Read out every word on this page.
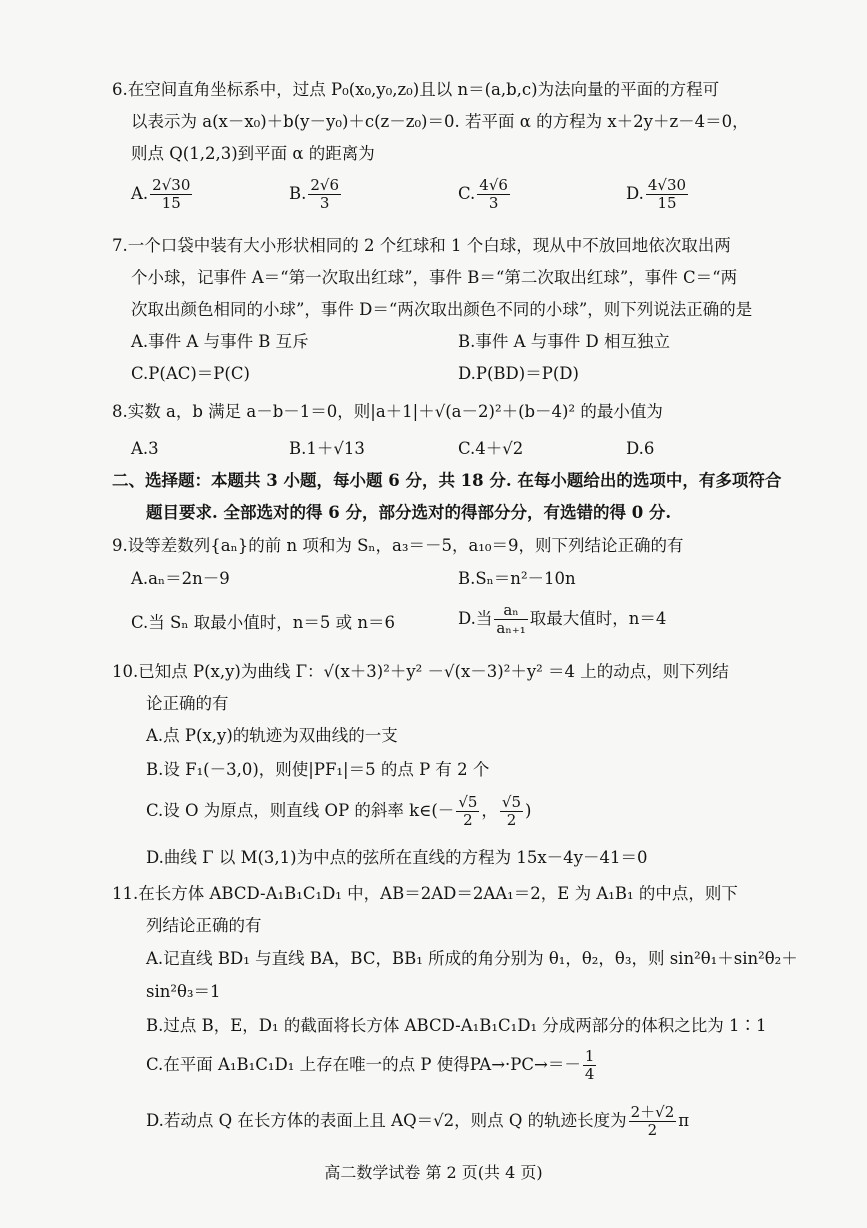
6.在空间直角坐标系中，过点 P₀(x₀,y₀,z₀)且以 n＝(a,b,c)为法向量的平面的方程可
以表示为 a(x－x₀)＋b(y－y₀)＋c(z－z₀)＝0. 若平面 α 的方程为 x＋2y＋z－4＝0，
则点 Q(1,2,3)到平面 α 的距离为
A. $\frac{2√30}{15}$	B. $\frac{2√6}{3}$	C. $\frac{4√6}{3}$	D. $\frac{4√30}{15}$
7.一个口袋中装有大小形状相同的 2 个红球和 1 个白球，现从中不放回地依次取出两
个小球，记事件 A＝“第一次取出红球”，事件 B＝“第二次取出红球”，事件 C＝“两
次取出颜色相同的小球”，事件 D＝“两次取出颜色不同的小球”，则下列说法正确的是
A.事件 A 与事件 B 互斥	B.事件 A 与事件 D 相互独立
C.P(AC)＝P(C)	D.P(BD)＝P(D)
8.实数 a，b 满足 a－b－1＝0，则|a＋1|＋√(a－2)²＋(b－4)² 的最小值为
A.3	B.1＋√13	C.4＋√2	D.6
二、选择题：本题共 3 小题，每小题 6 分，共 18 分. 在每小题给出的选项中，有多项符合
题目要求. 全部选对的得 6 分，部分选对的得部分分，有选错的得 0 分.
9.设等差数列{aₙ}的前 n 项和为 Sₙ，a₃＝－5，a₁₀＝9，则下列结论正确的有
A.aₙ＝2n－9	B.Sₙ＝n²－10n
C.当 Sₙ 取最小值时，n＝5 或 n＝6	D.当 $\frac{\text{aₙ}}{\text{aₙ₊₁}}$ 取最大值时，n＝4
10.已知点 P(x,y)为曲线 Γ：√(x＋3)²＋y² －√(x－3)²＋y² ＝4 上的动点，则下列结
论正确的有
A.点 P(x,y)的轨迹为双曲线的一支
B.设 F₁(－3,0)，则使|PF₁|＝5 的点 P 有 2 个
C.设 O 为原点，则直线 OP 的斜率 k∈(－ $\frac{√5}{2}$ ， $\frac{√5}{2}$ )
D.曲线 Γ 以 M(3,1)为中点的弦所在直线的方程为 15x－4y－41＝0
11.在长方体 ABCD-A₁B₁C₁D₁ 中，AB＝2AD＝2AA₁＝2，E 为 A₁B₁ 的中点，则下
列结论正确的有
A.记直线 BD₁ 与直线 BA，BC，BB₁ 所成的角分别为 θ₁，θ₂，θ₃，则 sin²θ₁＋sin²θ₂＋
sin²θ₃＝1
B.过点 B，E，D₁ 的截面将长方体 ABCD-A₁B₁C₁D₁ 分成两部分的体积之比为 1∶1
C.在平面 A₁B₁C₁D₁ 上存在唯一的点 P 使得$PA\to\cdot PC\to=- \frac{1}{4}$
D.若动点 Q 在长方体的表面上且 AQ＝√2，则点 Q 的轨迹长度为 $\frac{2+√2}{2}$ π
高二数学试卷 第 2 页(共 4 页)
